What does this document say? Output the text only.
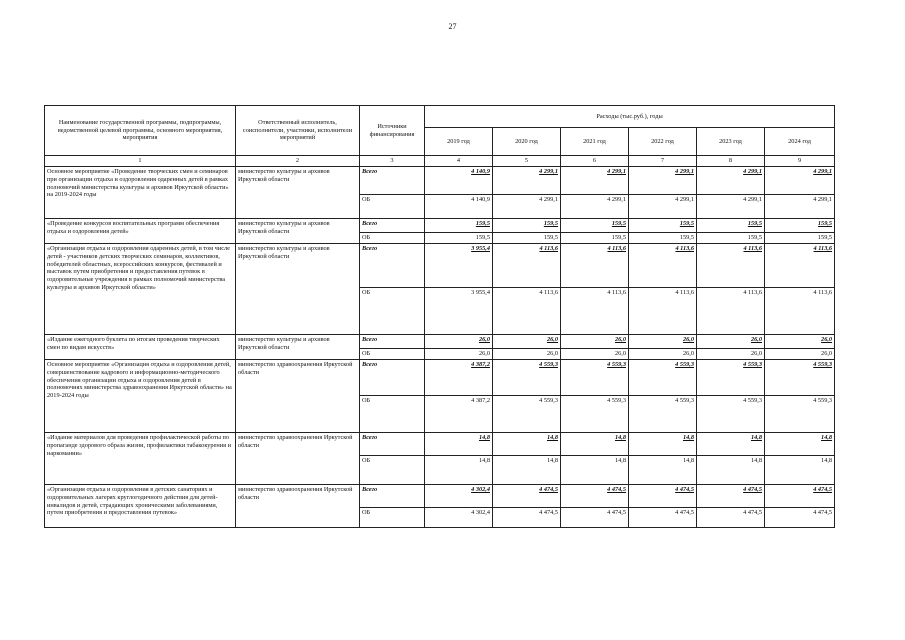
27
Наименование государственной программы, подпрограммы, ведомственной целевой программы, основного мероприятия, мероприятия	Ответственный исполнитель, соисполнители, участники, исполнители мероприятий	Источники финансирования	Расходы (тыс.руб.), годы					
			2019 год	2020 год	2021 год	2022 год	2023 год	2024 год
1	2	3	4	5	6	7	8	9
Основное мероприятие «Проведение творческих смен и семинаров при организации отдыха и оздоровления одаренных детей в рамках полномочий министерства культуры и архивов Иркутской области» на 2019-2024 годы	министерство культуры и архивов Иркутской области	Всего	4 140,9	4 299,1	4 299,1	4 299,1	4 299,1	4 299,1
		ОБ	4 140,9	4 299,1	4 299,1	4 299,1	4 299,1	4 299,1
«Проведение конкурсов воспитательных программ обеспечения отдыха и оздоровления детей»	министерство культуры и архивов Иркутской области	Всего	159,5	159,5	159,5	159,5	159,5	159,5
		ОБ	159,5	159,5	159,5	159,5	159,5	159,5
«Организация отдыха и оздоровления одаренных детей, в том числе детей - участников детских творческих семинаров, коллективов, победителей областных, всероссийских конкурсов, фестивалей и выставок путем приобретения и предоставления путевок в оздоровительные учреждения в рамках полномочий министерства культуры и архивов Иркутской области»	министерство культуры и архивов Иркутской области	Всего	3 955,4	4 113,6	4 113,6	4 113,6	4 113,6	4 113,6
		ОБ	3 955,4	4 113,6	4 113,6	4 113,6	4 113,6	4 113,6
«Издание ежегодного буклета по итогам проведения творческих смен по видам искусств»	министерство культуры и архивов Иркутской области	Всего	26,0	26,0	26,0	26,0	26,0	26,0
		ОБ	26,0	26,0	26,0	26,0	26,0	26,0
Основное мероприятие «Организация отдыха и оздоровления детей, совершенствование кадрового и информационно-методического обеспечения организации отдыха и оздоровления детей в полномочиях министерства здравоохранения Иркутской области» на 2019-2024 годы	министерство здравоохранения Иркутской области	Всего	4 387,2	4 559,3	4 559,3	4 559,3	4 559,3	4 559,3
		ОБ	4 387,2	4 559,3	4 559,3	4 559,3	4 559,3	4 559,3
«Издание материалов для проведения профилактической работы по пропаганде здорового образа жизни, профилактики табакокурения и наркомании»	министерство здравоохранения Иркутской области	Всего	14,8	14,8	14,8	14,8	14,8	14,8
		ОБ	14,8	14,8	14,8	14,8	14,8	14,8
«Организация отдыха и оздоровления в детских санаториях и оздоровительных лагерях круглогодичного действия для детей-инвалидов и детей, страдающих хроническими заболеваниями, путем приобретения и предоставления путевок»	министерство здравоохранения Иркутской области	Всего	4 302,4	4 474,5	4 474,5	4 474,5	4 474,5	4 474,5
		ОБ	4 302,4	4 474,5	4 474,5	4 474,5	4 474,5	4 474,5
